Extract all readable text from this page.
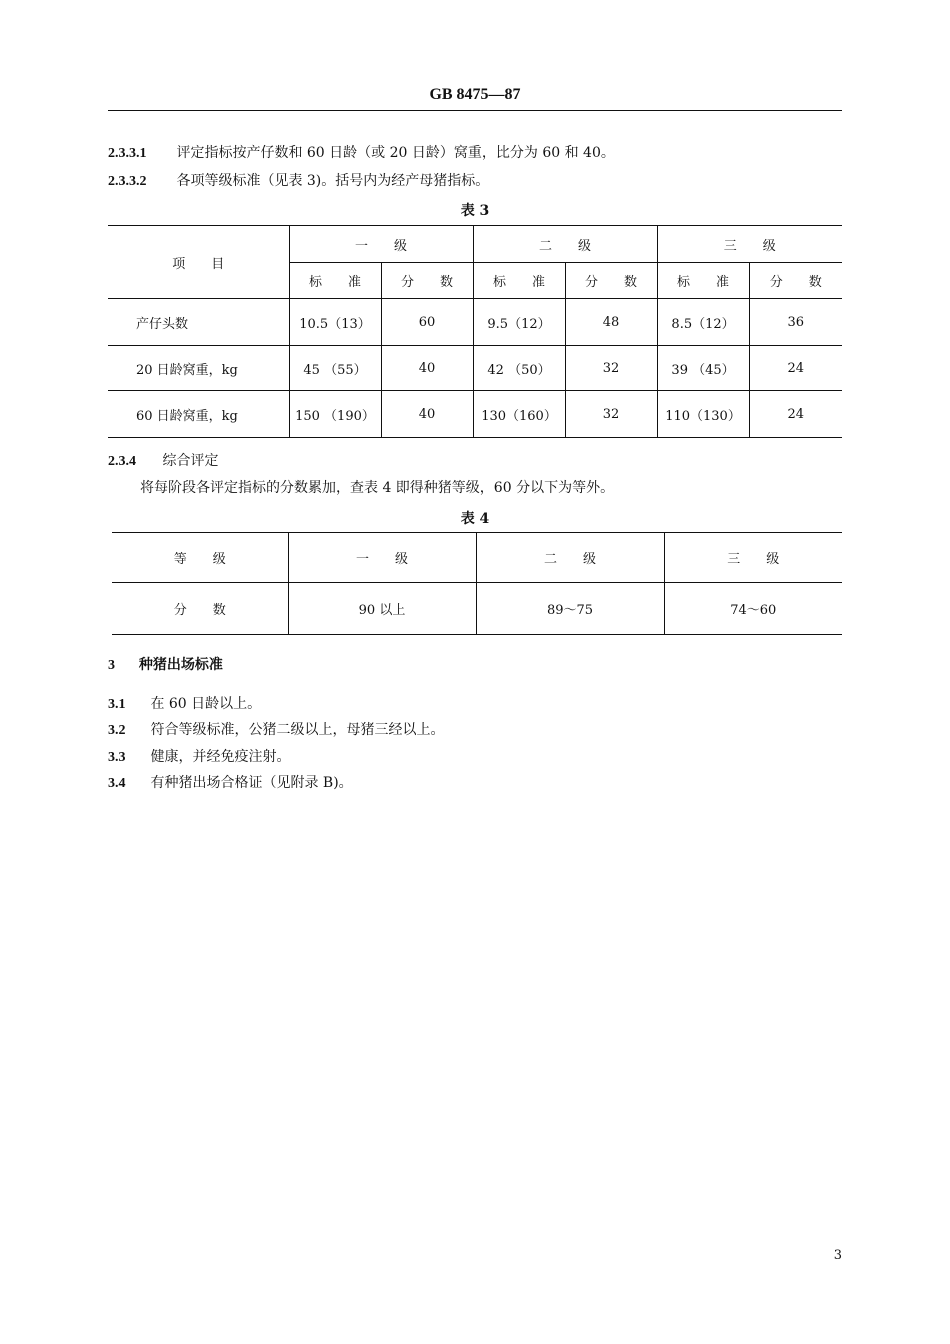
GB 8475—87
2.3.3.1 评定指标按产仔数和 60 日龄（或 20 日龄）窝重，比分为 60 和 40。
2.3.3.2 各项等级标准（见表 3)。括号内为经产母猪指标。
表 3
项　　目	一　　级		二　　级		三　　级	
	标　　准	分　　数	标　　准	分　　数	标　　准	分　　数
产仔头数	10.5（13）	60	9.5（12）	48	8.5（12）	36
20 日龄窝重，kg	45 （55）	40	42 （50）	32	39 （45）	24
60 日龄窝重，kg	150 （190）	40	130（160）	32	110（130）	24
2.3.4 综合评定
将每阶段各评定指标的分数累加，查表 4 即得种猪等级，60 分以下为等外。
表 4
等　　级	一　　级	二　　级	三　　级
分　　数	90 以上	89～75	74～60
3 种猪出场标准
3.1 在 60 日龄以上。
3.2 符合等级标准，公猪二级以上，母猪三经以上。
3.3 健康，并经免疫注射。
3.4 有种猪出场合格证（见附录 B)。
3
